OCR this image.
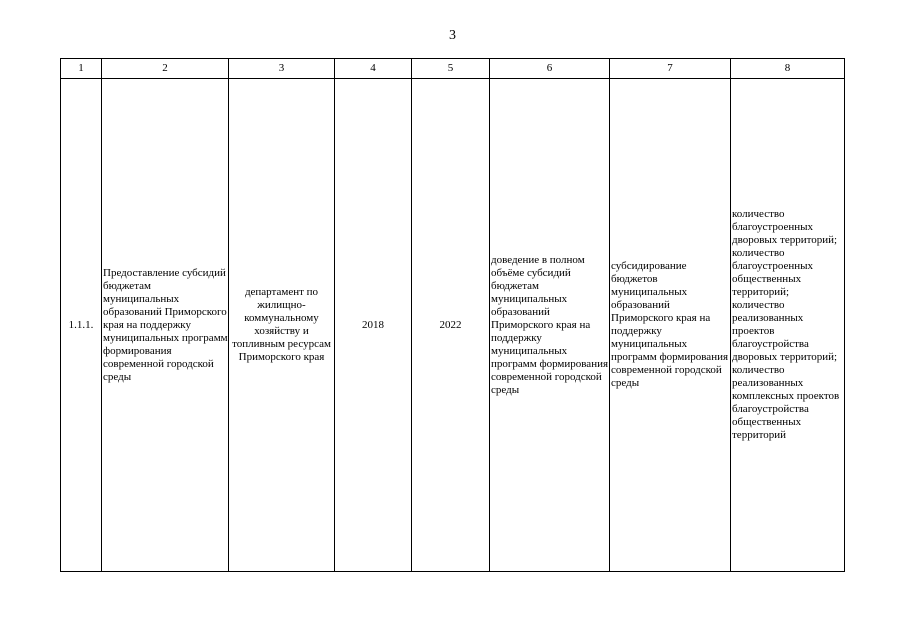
3
1	2	3	4	5	6	7	8
1.1.1.	Предоставление субсидий бюджетам муниципальных образований Приморского края на поддержку муниципальных программ формирования современной городской среды	департамент по жилищно-коммунальному хозяйству и топливным ресурсам Приморского края	2018	2022	доведение в полном объёме субсидий бюджетам муниципальных образований Приморского края на поддержку муниципальных программ формирования современной городской среды	субсидирование бюджетов муниципальных образований Приморского края на поддержку муниципальных программ формирования современной городской среды	количество благоустроенных дворовых территорий; количество благоустроенных общественных территорий; количество реализованных проектов благоустройства дворовых территорий; количество реализованных комплексных проектов благоустройства общественных территорий
